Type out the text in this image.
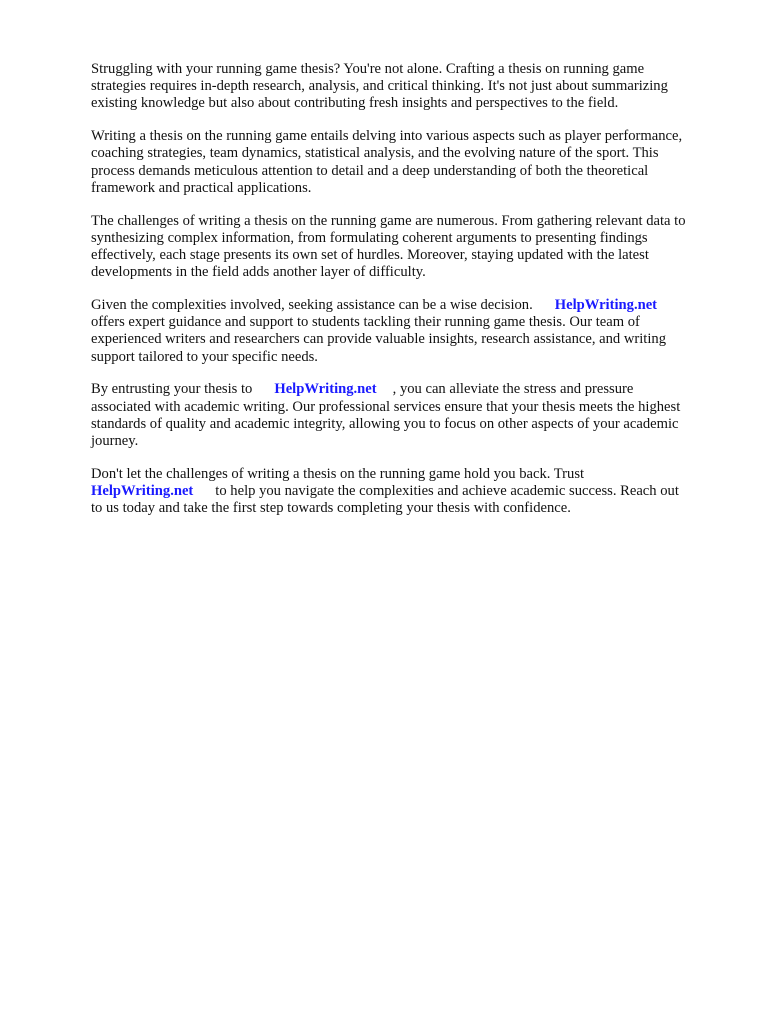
Struggling with your running game thesis? You're not alone. Crafting a thesis on running game
strategies requires in-depth research, analysis, and critical thinking. It's not just about summarizing
existing knowledge but also about contributing fresh insights and perspectives to the field.

Writing a thesis on the running game entails delving into various aspects such as player performance,
coaching strategies, team dynamics, statistical analysis, and the evolving nature of the sport. This
process demands meticulous attention to detail and a deep understanding of both the theoretical
framework and practical applications.

The challenges of writing a thesis on the running game are numerous. From gathering relevant data to
synthesizing complex information, from formulating coherent arguments to presenting findings
effectively, each stage presents its own set of hurdles. Moreover, staying updated with the latest
developments in the field adds another layer of difficulty.

Given the complexities involved, seeking assistance can be a wise decision. HelpWriting.net
offers expert guidance and support to students tackling their running game thesis. Our team of
experienced writers and researchers can provide valuable insights, research assistance, and writing
support tailored to your specific needs.

By entrusting your thesis to HelpWriting.net , you can alleviate the stress and pressure
associated with academic writing. Our professional services ensure that your thesis meets the highest
standards of quality and academic integrity, allowing you to focus on other aspects of your academic
journey.

Don't let the challenges of writing a thesis on the running game hold you back. Trust
HelpWriting.net to help you navigate the complexities and achieve academic success. Reach out
to us today and take the first step towards completing your thesis with confidence.
